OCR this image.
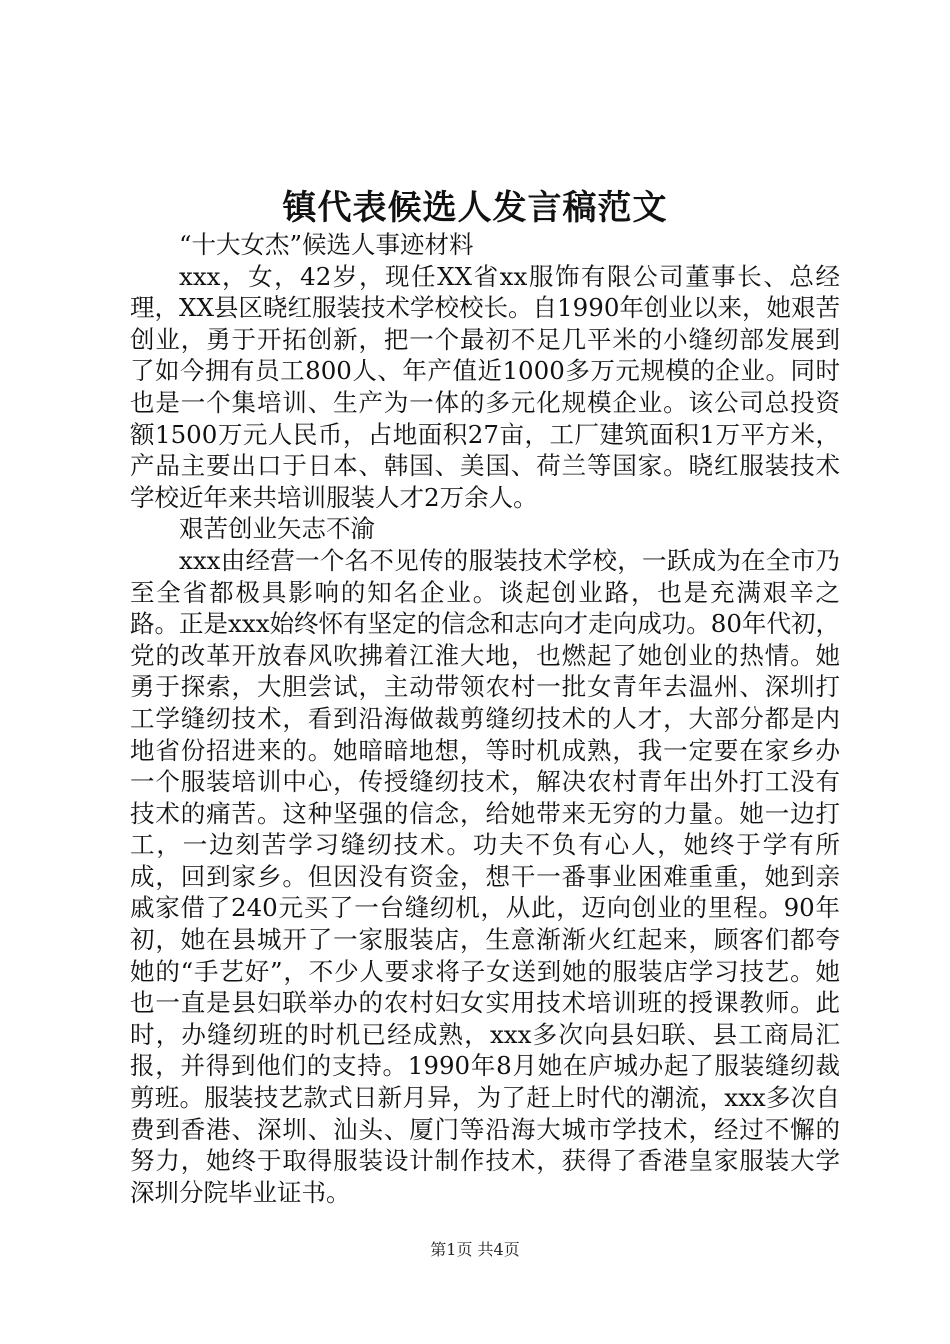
镇代表候选人发言稿范文

“十大女杰”候选人事迹材料

xxx，女，42岁，现任XX省xx服饰有限公司董事长、总经理，XX县区晓红服装技术学校校长。自1990年创业以来，她艰苦创业，勇于开拓创新，把一个最初不足几平米的小缝纫部发展到了如今拥有员工800人、年产值近1000多万元规模的企业。同时也是一个集培训、生产为一体的多元化规模企业。该公司总投资额1500万元人民币，占地面积27亩，工厂建筑面积1万平方米，产品主要出口于日本、韩国、美国、荷兰等国家。晓红服装技术学校近年来共培训服装人才2万余人。

艰苦创业矢志不渝

xxx由经营一个名不见传的服装技术学校，一跃成为在全市乃至全省都极具影响的知名企业。谈起创业路，也是充满艰辛之路。正是xxx始终怀有坚定的信念和志向才走向成功。80年代初，党的改革开放春风吹拂着江淮大地，也燃起了她创业的热情。她勇于探索，大胆尝试，主动带领农村一批女青年去温州、深圳打工学缝纫技术，看到沿海做裁剪缝纫技术的人才，大部分都是内地省份招进来的。她暗暗地想，等时机成熟，我一定要在家乡办一个服装培训中心，传授缝纫技术，解决农村青年出外打工没有技术的痛苦。这种坚强的信念，给她带来无穷的力量。她一边打工，一边刻苦学习缝纫技术。功夫不负有心人，她终于学有所成，回到家乡。但因没有资金，想干一番事业困难重重，她到亲戚家借了240元买了一台缝纫机，从此，迈向创业的里程。90年初，她在县城开了一家服装店，生意渐渐火红起来，顾客们都夸她的“手艺好”，不少人要求将子女送到她的服装店学习技艺。她也一直是县妇联举办的农村妇女实用技术培训班的授课教师。此时，办缝纫班的时机已经成熟，xxx多次向县妇联、县工商局汇报，并得到他们的支持。1990年8月她在庐城办起了服装缝纫裁剪班。服装技艺款式日新月异，为了赶上时代的潮流，xxx多次自费到香港、深圳、汕头、厦门等沿海大城市学技术，经过不懈的努力，她终于取得服装设计制作技术，获得了香港皇家服装大学深圳分院毕业证书。

第1页 共4页
